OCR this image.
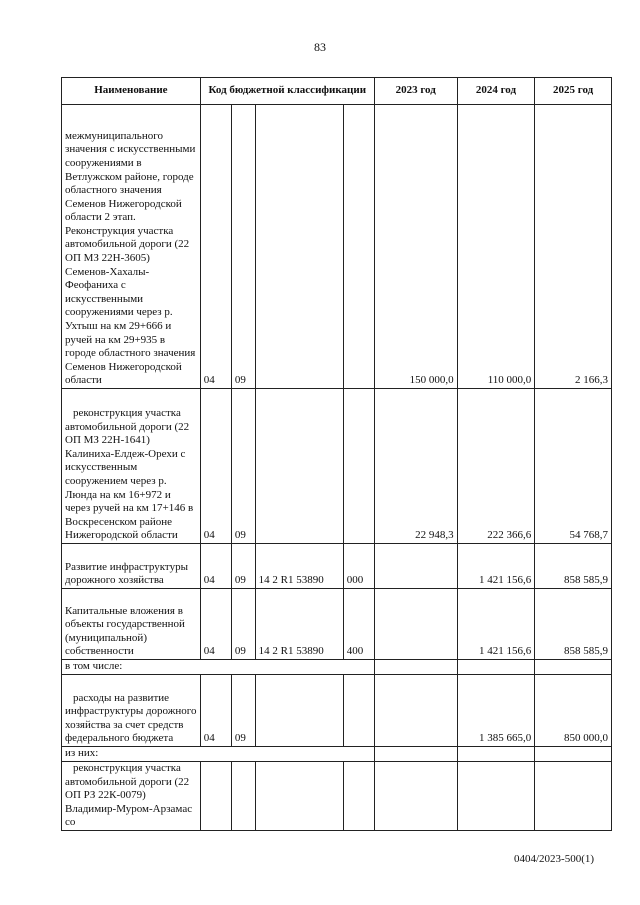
83
Наименование	Код бюджетной классификации				2023 год	2024 год	2025 год
межмуниципального значения с искусственными сооружениями в Ветлужском районе, городе областного значения Семенов Нижегородской области 2 этап. Реконструкция участка автомобильной дороги (22 ОП МЗ 22Н-3605) Семенов-Хахалы-Феофаниха с искусственными сооружениями через р. Ухтыш на км 29+666 и ручей на км 29+935 в городе областного значения Семенов Нижегородской области	04	09			150 000,0	110 000,0	2 166,3
реконструкция участка автомобильной дороги (22 ОП МЗ 22Н-1641) Калиниха-Елдеж-Орехи с искусственным сооружением через р. Люнда на км 16+972 и через ручей на км 17+146 в Воскресенском районе Нижегородской области	04	09			22 948,3	222 366,6	54 768,7
Развитие инфраструктуры дорожного хозяйства	04	09	14 2 R1 53890	000		1 421 156,6	858 585,9
Капитальные вложения в объекты государственной (муниципальной) собственности	04	09	14 2 R1 53890	400		1 421 156,6	858 585,9
в том числе:							
расходы на развитие инфраструктуры дорожного хозяйства за счет средств федерального бюджета	04	09				1 385 665,0	850 000,0
из них:							
реконструкция участка автомобильной дороги (22 ОП РЗ 22К-0079) Владимир-Муром-Арзамас со							
0404/2023-500(1)
